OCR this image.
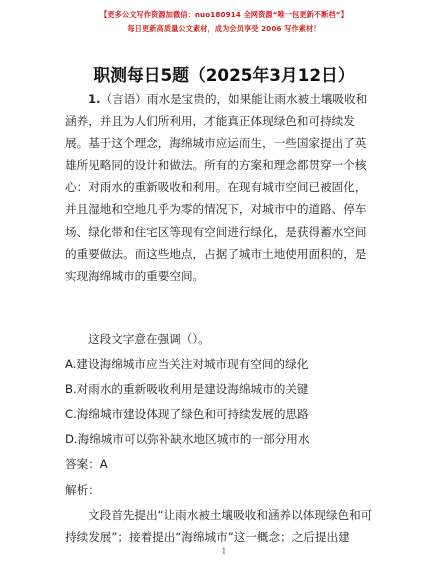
【更多公文写作资源加微信：nuo180914 全网资源“唯一包更新不断档”】
每日更新高质量公文素材，成为会员享受 2006 写作素材！
职测每日5题（2025年3月12日）

1.（言语）雨水是宝贵的，如果能让雨水被土壤吸收和涵养，并且为人们所利用，才能真正体现绿色和可持续发展。基于这个理念，海绵城市应运而生，一些国家提出了英雄所见略同的设计和做法。所有的方案和理念都贯穿一个核心：对雨水的重新吸收和利用。在现有城市空间已被固化，并且湿地和空地几乎为零的情况下，对城市中的道路、停车场、绿化带和住宅区等现有空间进行绿化，是获得蓄水空间的重要做法。而这些地点，占据了城市土地使用面积的，是实现海绵城市的重要空间。

这段文字意在强调（）。

A.建设海绵城市应当关注对城市现有空间的绿化

B.对雨水的重新吸收利用是建设海绵城市的关键

C.海绵城市建设体现了绿色和可持续发展的思路

D.海绵城市可以弥补缺水地区城市的一部分用水

答案：A

解析：

文段首先提出“让雨水被土壤吸收和涵养以体现绿色和可持续发展”；接着提出“海绵城市”这一概念；之后提出建

1
